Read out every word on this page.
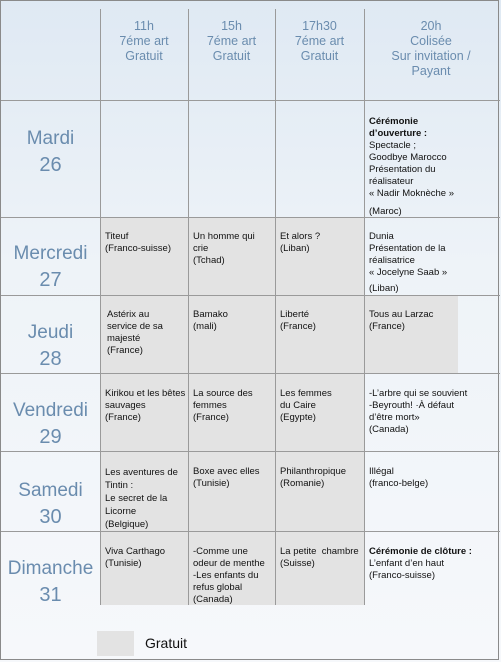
11h
7éme art
Gratuit
15h
7éme art
Gratuit
17h30
7éme art
Gratuit
20h
Colisée
Sur invitation /
Payant
Mardi
26
Mercredi
27
Jeudi
28
Vendredi
29
Samedi
30
Dimanche
31
Cérémonie
d’ouverture :
Spectacle ;
Goodbye Marocco
Présentation du
réalisateur
« Nadir Moknèche »
(Maroc)
Titeuf
(Franco-suisse)
Un homme qui
crie
(Tchad)
Et alors ?
(Liban)
Dunia
Présentation de la
réalisatrice
« Jocelyne Saab »
(Liban)
Astérix au
service de sa
majesté
(France)
Bamako
(mali)
Liberté
(France)
Tous au Larzac
(France)
Kirikou et les bêtes
sauvages
(France)
La source des
femmes
(France)
Les femmes
du Caire
(Egypte)
-L’arbre qui se souvient
-Beyrouth! ·À défaut
d’être mort»
(Canada)
Les aventures de
Tintin :
Le secret de la
Licorne
(Belgique)
Boxe avec elles
(Tunisie)
Philanthropique
(Romanie)
Illégal
(franco-belge)
Viva Carthago
(Tunisie)
-Comme une
odeur de menthe
-Les enfants du
refus global
(Canada)
La petite  chambre
(Suisse)
Cérémonie de clôture :
L’enfant d’en haut
(Franco-suisse)
Gratuit
